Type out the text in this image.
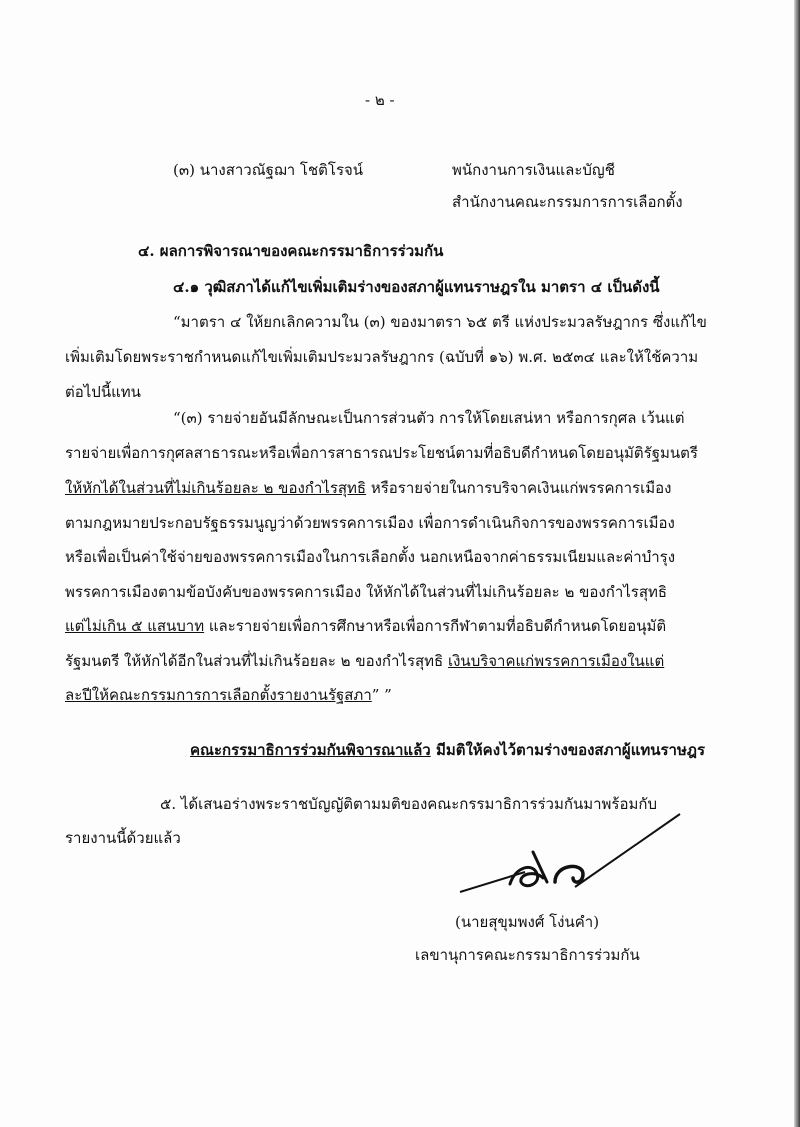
- ๒ -
(๓) นางสาวณัฐฌา โชติโรจน์	พนักงานการเงินและบัญชี
สำนักงานคณะกรรมการการเลือกตั้ง
๔. ผลการพิจารณาของคณะกรรมาธิการร่วมกัน
๔.๑ วุฒิสภาได้แก้ไขเพิ่มเติมร่างของสภาผู้แทนราษฎรใน มาตรา ๔ เป็นดังนี้
“มาตรา ๔ ให้ยกเลิกความใน (๓) ของมาตรา ๖๕ ตรี แห่งประมวลรัษฎากร ซึ่งแก้ไข
เพิ่มเติมโดยพระราชกำหนดแก้ไขเพิ่มเติมประมวลรัษฎากร (ฉบับที่ ๑๖) พ.ศ. ๒๕๓๔ และให้ใช้ความ
ต่อไปนี้แทน
“(๓) รายจ่ายอันมีลักษณะเป็นการส่วนตัว การให้โดยเสน่หา หรือการกุศล เว้นแต่
รายจ่ายเพื่อการกุศลสาธารณะหรือเพื่อการสาธารณประโยชน์ตามที่อธิบดีกำหนดโดยอนุมัติรัฐมนตรี
ให้หักได้ในส่วนที่ไม่เกินร้อยละ ๒ ของกำไรสุทธิ หรือรายจ่ายในการบริจาคเงินแก่พรรคการเมือง
ตามกฎหมายประกอบรัฐธรรมนูญว่าด้วยพรรคการเมือง เพื่อการดำเนินกิจการของพรรคการเมือง
หรือเพื่อเป็นค่าใช้จ่ายของพรรคการเมืองในการเลือกตั้ง นอกเหนือจากค่าธรรมเนียมและค่าบำรุง
พรรคการเมืองตามข้อบังคับของพรรคการเมือง ให้หักได้ในส่วนที่ไม่เกินร้อยละ ๒ ของกำไรสุทธิ
แต่ไม่เกิน ๕ แสนบาท และรายจ่ายเพื่อการศึกษาหรือเพื่อการกีฬาตามที่อธิบดีกำหนดโดยอนุมัติ
รัฐมนตรี ให้หักได้อีกในส่วนที่ไม่เกินร้อยละ ๒ ของกำไรสุทธิ เงินบริจาคแก่พรรคการเมืองในแต่
ละปีให้คณะกรรมการการเลือกตั้งรายงานรัฐสภา” ”
คณะกรรมาธิการร่วมกันพิจารณาแล้ว มีมติให้คงไว้ตามร่างของสภาผู้แทนราษฎร
๕. ได้เสนอร่างพระราชบัญญัติตามมติของคณะกรรมาธิการร่วมกันมาพร้อมกับ
รายงานนี้ด้วยแล้ว
(นายสุขุมพงศ์ โง่นคำ)
เลขานุการคณะกรรมาธิการร่วมกัน
